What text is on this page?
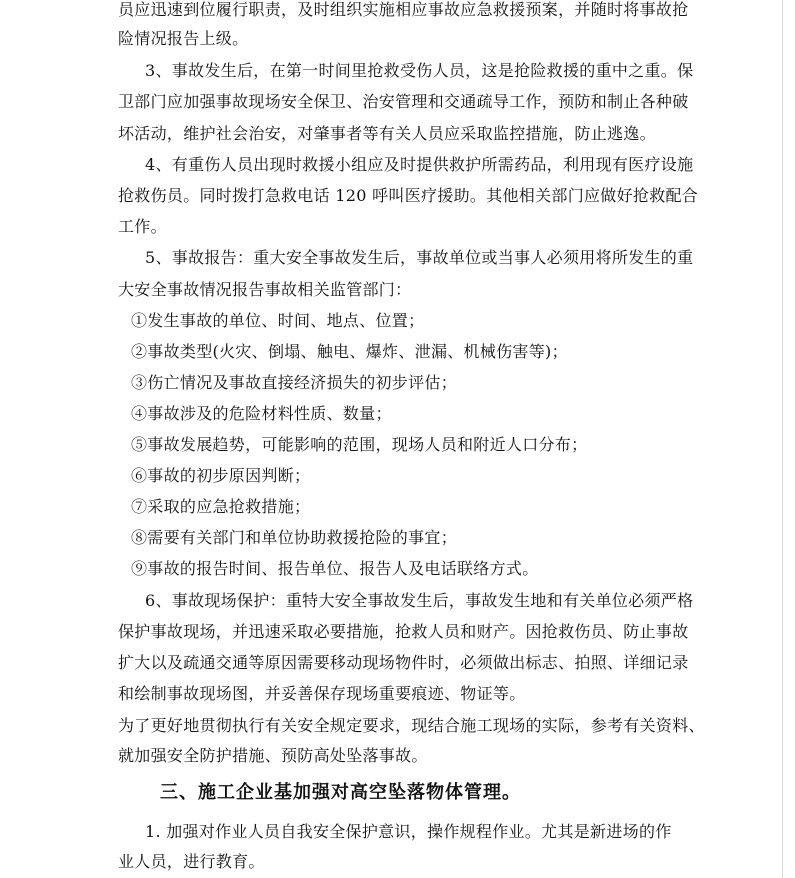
员应迅速到位履行职责，及时组织实施相应事故应急救援预案，并随时将事故抢
险情况报告上级。
3、事故发生后，在第一时间里抢救受伤人员，这是抢险救援的重中之重。保
卫部门应加强事故现场安全保卫、治安管理和交通疏导工作，预防和制止各种破
坏活动，维护社会治安，对肇事者等有关人员应采取监控措施，防止逃逸。
4、有重伤人员出现时救援小组应及时提供救护所需药品，利用现有医疗设施
抢救伤员。同时拨打急救电话 120 呼叫医疗援助。其他相关部门应做好抢救配合
工作。
5、事故报告：重大安全事故发生后，事故单位或当事人必须用将所发生的重
大安全事故情况报告事故相关监管部门：
①发生事故的单位、时间、地点、位置；
②事故类型(火灾、倒塌、触电、爆炸、泄漏、机械伤害等)；
③伤亡情况及事故直接经济损失的初步评估；
④事故涉及的危险材料性质、数量；
⑤事故发展趋势，可能影响的范围，现场人员和附近人口分布；
⑥事故的初步原因判断；
⑦采取的应急抢救措施；
⑧需要有关部门和单位协助救援抢险的事宜；
⑨事故的报告时间、报告单位、报告人及电话联络方式。
6、事故现场保护：重特大安全事故发生后，事故发生地和有关单位必须严格
保护事故现场，并迅速采取必要措施，抢救人员和财产。因抢救伤员、防止事故
扩大以及疏通交通等原因需要移动现场物件时，必须做出标志、拍照、详细记录
和绘制事故现场图，并妥善保存现场重要痕迹、物证等。
为了更好地贯彻执行有关安全规定要求，现结合施工现场的实际，参考有关资料、
就加强安全防护措施、预防高处坠落事故。
三、施工企业基加强对高空坠落物体管理。
1. 加强对作业人员自我安全保护意识，操作规程作业。尤其是新进场的作
业人员，进行教育。
